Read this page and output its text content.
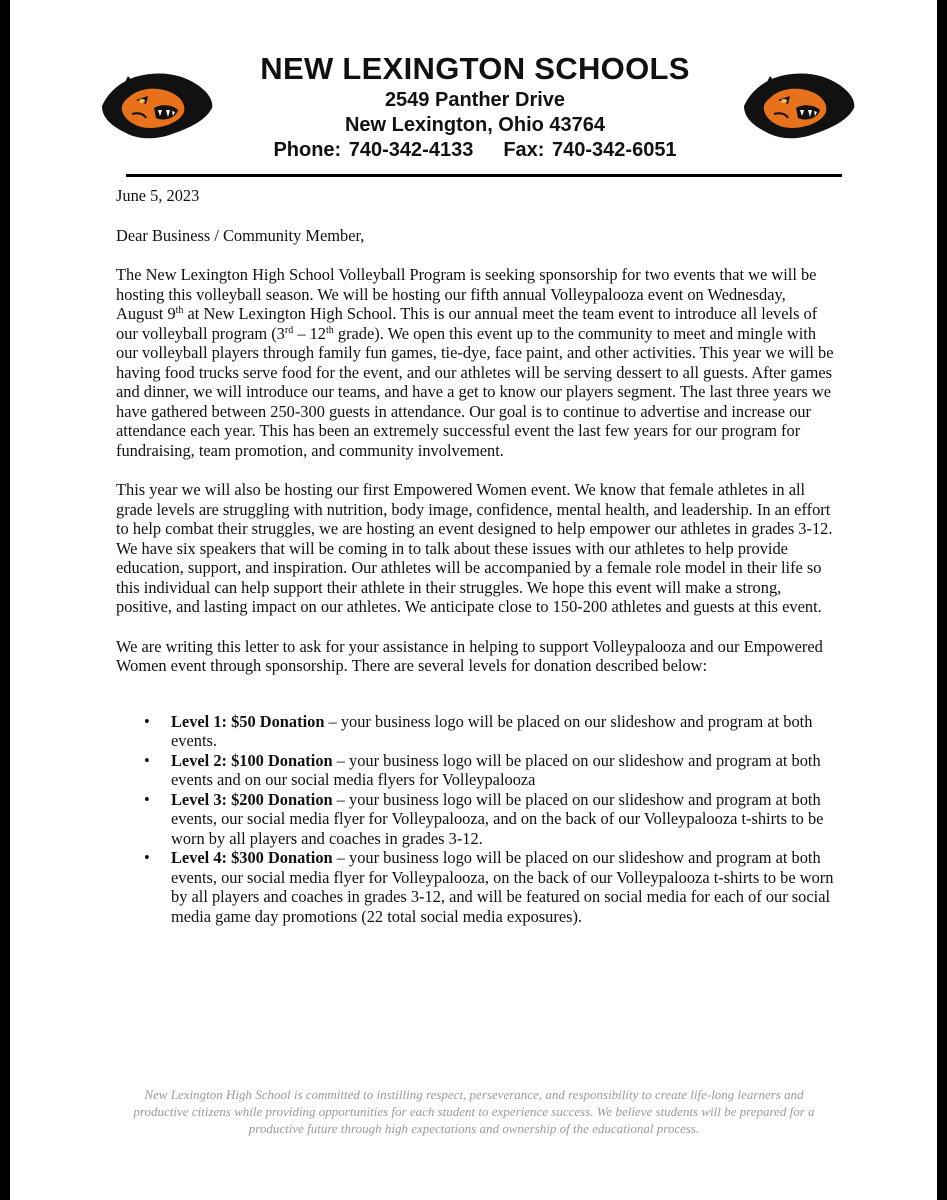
NEW LEXINGTON SCHOOLS
2549 Panther Drive
New Lexington, Ohio 43764
Phone: 740-342-4133 Fax: 740-342-6051
June 5, 2023
Dear Business / Community Member,
The New Lexington High School Volleyball Program is seeking sponsorship for two events that we will be hosting this volleyball season. We will be hosting our fifth annual Volleypalooza event on Wednesday, August 9th at New Lexington High School. This is our annual meet the team event to introduce all levels of our volleyball program (3rd – 12th grade). We open this event up to the community to meet and mingle with our volleyball players through family fun games, tie-dye, face paint, and other activities. This year we will be having food trucks serve food for the event, and our athletes will be serving dessert to all guests. After games and dinner, we will introduce our teams, and have a get to know our players segment. The last three years we have gathered between 250-300 guests in attendance. Our goal is to continue to advertise and increase our attendance each year. This has been an extremely successful event the last few years for our program for fundraising, team promotion, and community involvement.
This year we will also be hosting our first Empowered Women event. We know that female athletes in all grade levels are struggling with nutrition, body image, confidence, mental health, and leadership. In an effort to help combat their struggles, we are hosting an event designed to help empower our athletes in grades 3-12. We have six speakers that will be coming in to talk about these issues with our athletes to help provide education, support, and inspiration. Our athletes will be accompanied by a female role model in their life so this individual can help support their athlete in their struggles. We hope this event will make a strong, positive, and lasting impact on our athletes. We anticipate close to 150-200 athletes and guests at this event.
We are writing this letter to ask for your assistance in helping to support Volleypalooza and our Empowered Women event through sponsorship. There are several levels for donation described below:
• Level 1: $50 Donation – your business logo will be placed on our slideshow and program at both events.
• Level 2: $100 Donation – your business logo will be placed on our slideshow and program at both events and on our social media flyers for Volleypalooza
• Level 3: $200 Donation – your business logo will be placed on our slideshow and program at both events, our social media flyer for Volleypalooza, and on the back of our Volleypalooza t-shirts to be worn by all players and coaches in grades 3-12.
• Level 4: $300 Donation – your business logo will be placed on our slideshow and program at both events, our social media flyer for Volleypalooza, on the back of our Volleypalooza t-shirts to be worn by all players and coaches in grades 3-12, and will be featured on social media for each of our social media game day promotions (22 total social media exposures).
New Lexington High School is committed to instilling respect, perseverance, and responsibility to create life-long learners and productive citizens while providing opportunities for each student to experience success. We believe students will be prepared for a productive future through high expectations and ownership of the educational process.
